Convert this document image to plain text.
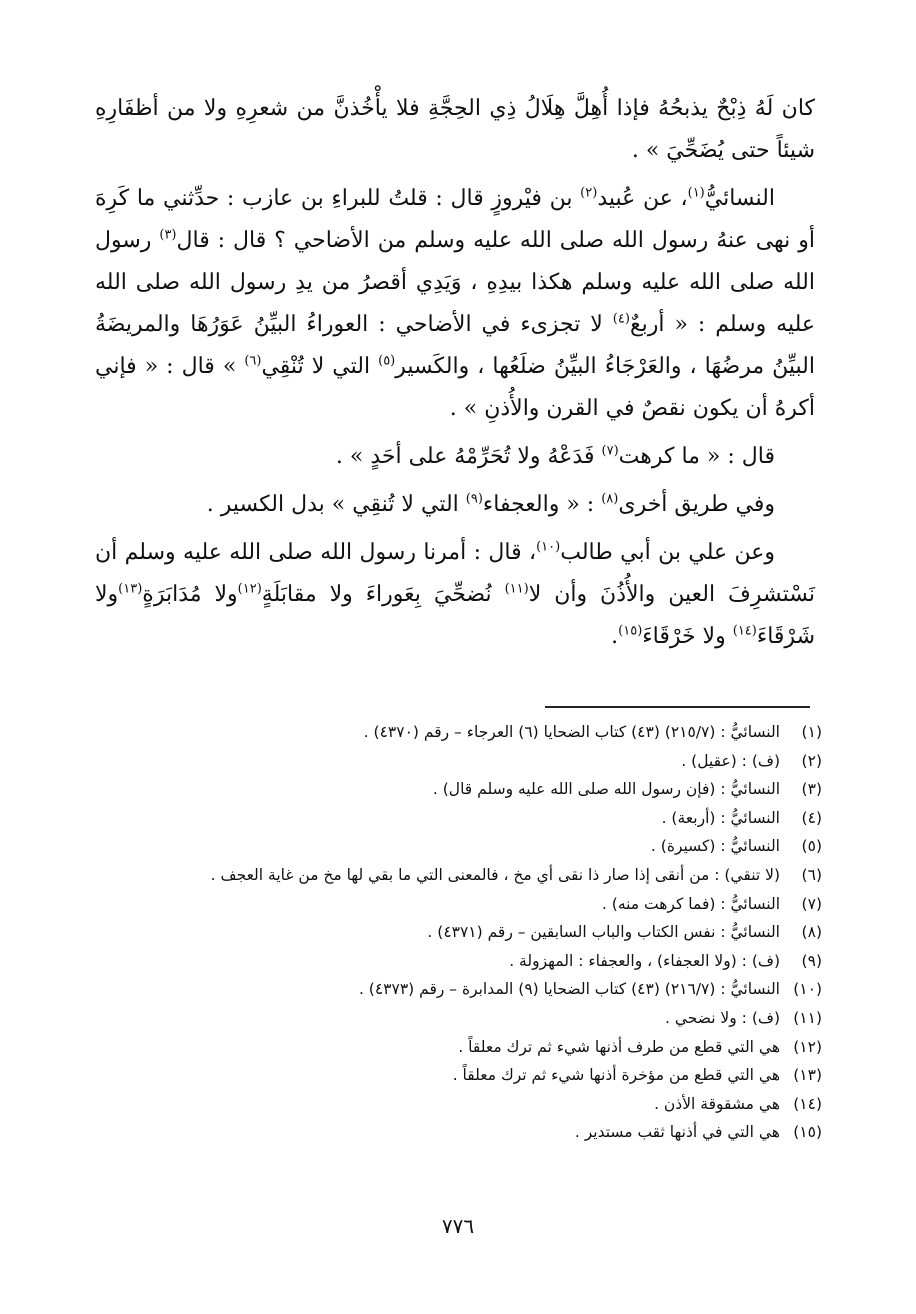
كان لَهُ ذِبْحٌ يذبحُهُ فإذا أُهِلَّ هِلَالُ ذِي الحِجَّةِ فلا يأْخُذنَّ من شعرِهِ ولا من أظفَارِهِ شيئاً حتى يُضَحِّيَ » .

النسائيُّ$^{(١)}$، عن عُبيد$^{(٢)}$ بن فيْروزٍ قال : قلتُ للبراءِ بن عازب : حدِّثني ما كَرِهَ أو نهى عنهُ رسول الله صلى الله عليه وسلم من الأضاحي ؟ قال : قال$^{(٣)}$ رسول الله صلى الله عليه وسلم هكذا بيدِهِ ، وَيَدِي أقصرُ من يدِ رسول الله صلى الله عليه وسلم : « أربعٌ$^{(٤)}$ لا تجزىء في الأضاحي : العوراءُ البيِّنُ عَوَرُهَا والمريضَةُ البيِّنُ مرضُهَا ، والعَرْجَاءُ البيِّنُ ضلَعُها ، والكَسير$^{(٥)}$ التي لا تُنْقِي$^{(٦)}$ » قال : « فإني أكرهُ أن يكون نقصٌ في القرن والأُذنِ » .

قال : « ما كرهت$^{(٧)}$ فَدَعْهُ ولا تُحَرِّمْهُ على أحَدٍ » .

وفي طريق أخرى$^{(٨)}$ : « والعجفاء$^{(٩)}$ التي لا تُنقِي » بدل الكسير .

وعن علي بن أبي طالب$^{(١٠)}$، قال : أمرنا رسول الله صلى الله عليه وسلم أن نَسْتشرِفَ العين والأُذُنَ وأن لا$^{(١١)}$ نُضحِّيَ بِعَوراءَ ولا مقابَلَةٍ$^{(١٢)}$ولا مُدَابَرَةٍ$^{(١٣)}$ولا شَرْقَاءَ$^{(١٤)}$ ولا خَرْقَاءَ$^{(١٥)}$.

(١)
النسائيُّ : (٢١٥/٧) (٤٣) كتاب الضحايا (٦) العرجاء – رقم (٤٣٧٠) .
(٢)
(ف) : (عقيل) .
(٣)
النسائيُّ : (فإن رسول الله صلى الله عليه وسلم قال) .
(٤)
النسائيُّ : (أربعة) .
(٥)
النسائيُّ : (كسيرة) .
(٦)
(لا تنقي) : من أنقى إذا صار ذا نقى أي مخ ، فالمعنى التي ما بقي لها مخ من غاية العجف .
(٧)
النسائيُّ : (فما كرهت منه) .
(٨)
النسائيُّ : نفس الكتاب والباب السابقين – رقم (٤٣٧١) .
(٩)
(ف) : (ولا العجفاء) ، والعجفاء : المهزولة .
(١٠)
النسائيُّ : (٢١٦/٧) (٤٣) كتاب الضحايا (٩) المدابرة – رقم (٤٣٧٣) .
(١١)
(ف) : ولا نضحي .
(١٢)
هي التي قطع من طرف أذنها شيء ثم ترك معلقاً .
(١٣)
هي التي قطع من مؤخرة أذنها شيء ثم ترك معلقاً .
(١٤)
هي مشقوقة الأذن .
(١٥)
هي التي في أذنها ثقب مستدير .
٧٧٦
